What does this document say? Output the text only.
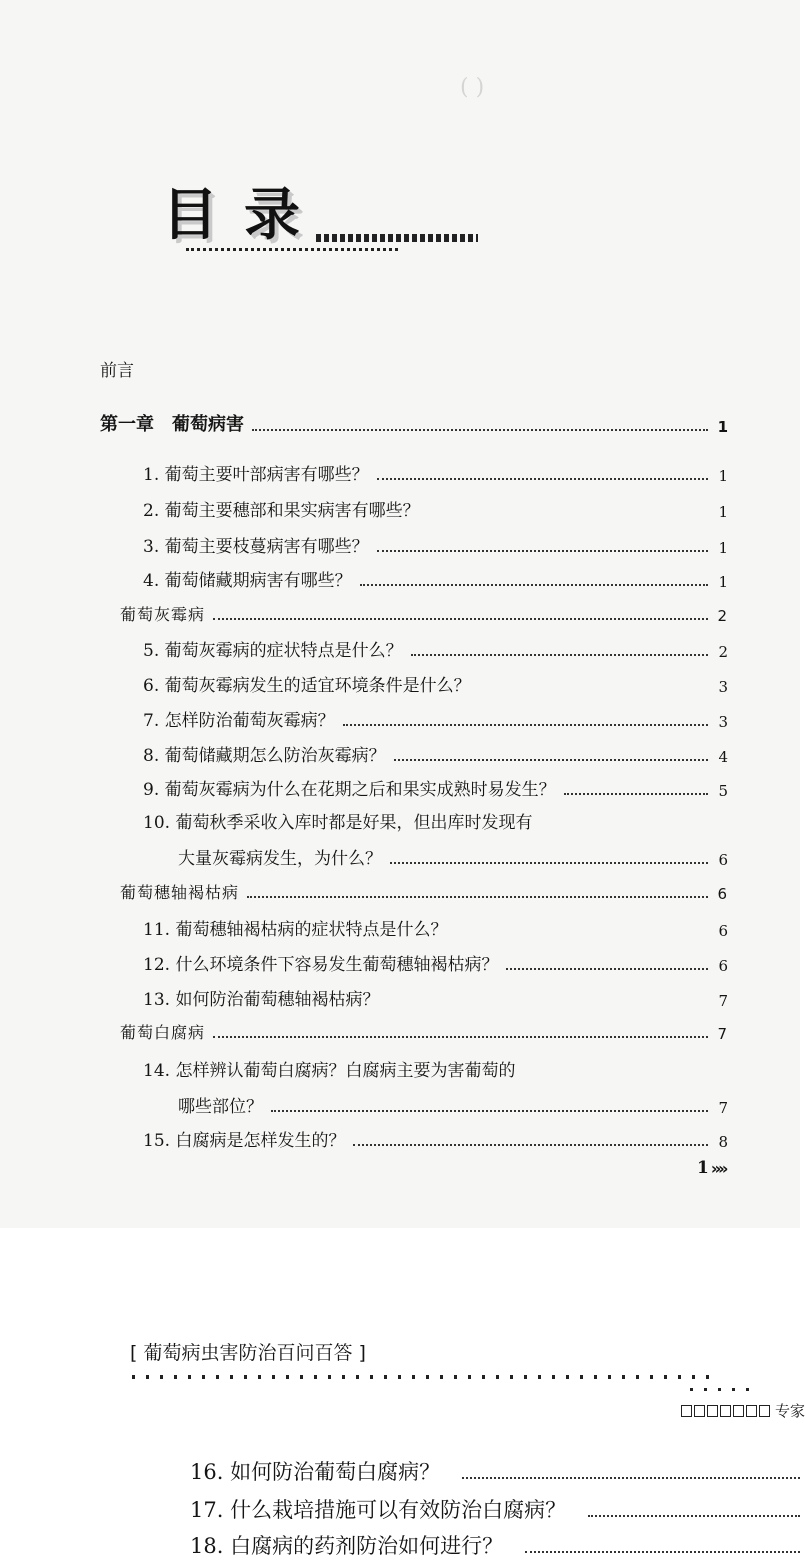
( )　　

目 录
前言
第一章　葡萄病害	1
1. 葡萄主要叶部病害有哪些？	1
2. 葡萄主要穗部和果实病害有哪些？	1
3. 葡萄主要枝蔓病害有哪些？	1
4. 葡萄储藏期病害有哪些？	1
葡萄灰霉病	2
5. 葡萄灰霉病的症状特点是什么？	2
6. 葡萄灰霉病发生的适宜环境条件是什么？	3
7. 怎样防治葡萄灰霉病？	3
8. 葡萄储藏期怎么防治灰霉病？	4
9. 葡萄灰霉病为什么在花期之后和果实成熟时易发生？	5
10. 葡萄秋季采收入库时都是好果，但出库时发现有
大量灰霉病发生，为什么？	6
葡萄穗轴褐枯病	6
11. 葡萄穗轴褐枯病的症状特点是什么？	6
12. 什么环境条件下容易发生葡萄穗轴褐枯病？	6
13. 如何防治葡萄穗轴褐枯病？	7
葡萄白腐病	7
14. 怎样辨认葡萄白腐病？白腐病主要为害葡萄的
哪些部位？	7
15. 白腐病是怎样发生的？	8
1 »»
[ 葡萄病虫害防治百问百答 ]
专家
16. 如何防治葡萄白腐病？
17. 什么栽培措施可以有效防治白腐病？
18. 白腐病的药剂防治如何进行？
